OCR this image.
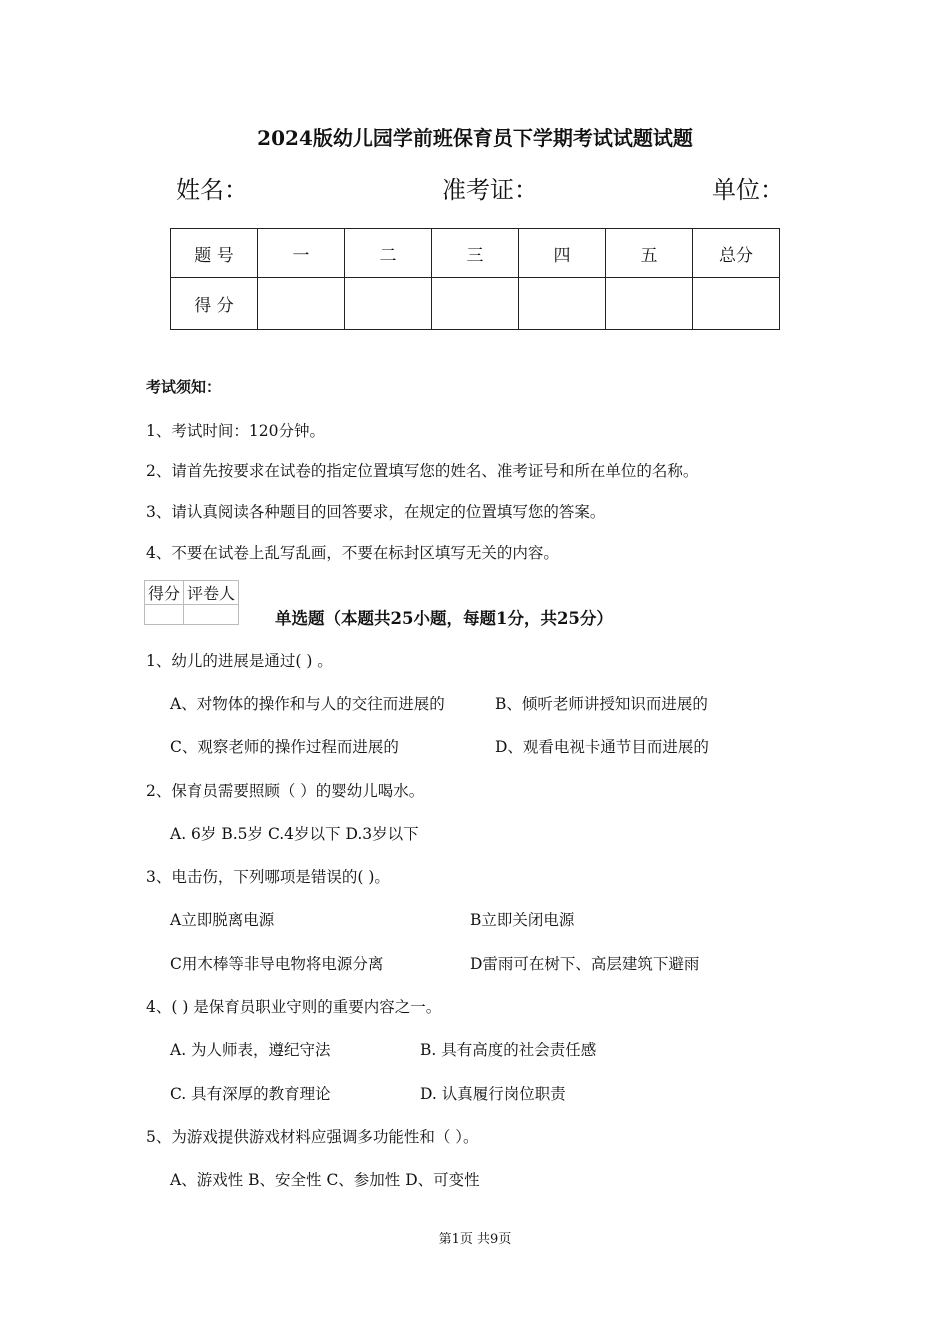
2024版幼儿园学前班保育员下学期考试试题试题
姓名：	准考证：	单位：
题 号	一	二	三	四	五	总分
得 分						
考试须知：
1、考试时间：120分钟。
2、请首先按要求在试卷的指定位置填写您的姓名、准考证号和所在单位的名称。
3、请认真阅读各种题目的回答要求，在规定的位置填写您的答案。
4、不要在试卷上乱写乱画，不要在标封区填写无关的内容。
得分	评卷人

单选题（本题共25小题，每题1分，共25分）
1、幼儿的进展是通过( ) 。
A、对物体的操作和与人的交往而进展的	B、倾听老师讲授知识而进展的
C、观察老师的操作过程而进展的	D、观看电视卡通节目而进展的
2、保育员需要照顾（ ）的婴幼儿喝水。
A. 6岁 B.5岁 C.4岁以下 D.3岁以下
3、电击伤，下列哪项是错误的( )。
A立即脱离电源	B立即关闭电源
C用木棒等非导电物将电源分离	D雷雨可在树下、高层建筑下避雨
4、( ) 是保育员职业守则的重要内容之一。
A. 为人师表，遵纪守法	B. 具有高度的社会责任感
C. 具有深厚的教育理论	D. 认真履行岗位职责
5、为游戏提供游戏材料应强调多功能性和（ ）。
A、游戏性 B、安全性 C、参加性 D、可变性
第1页 共9页
